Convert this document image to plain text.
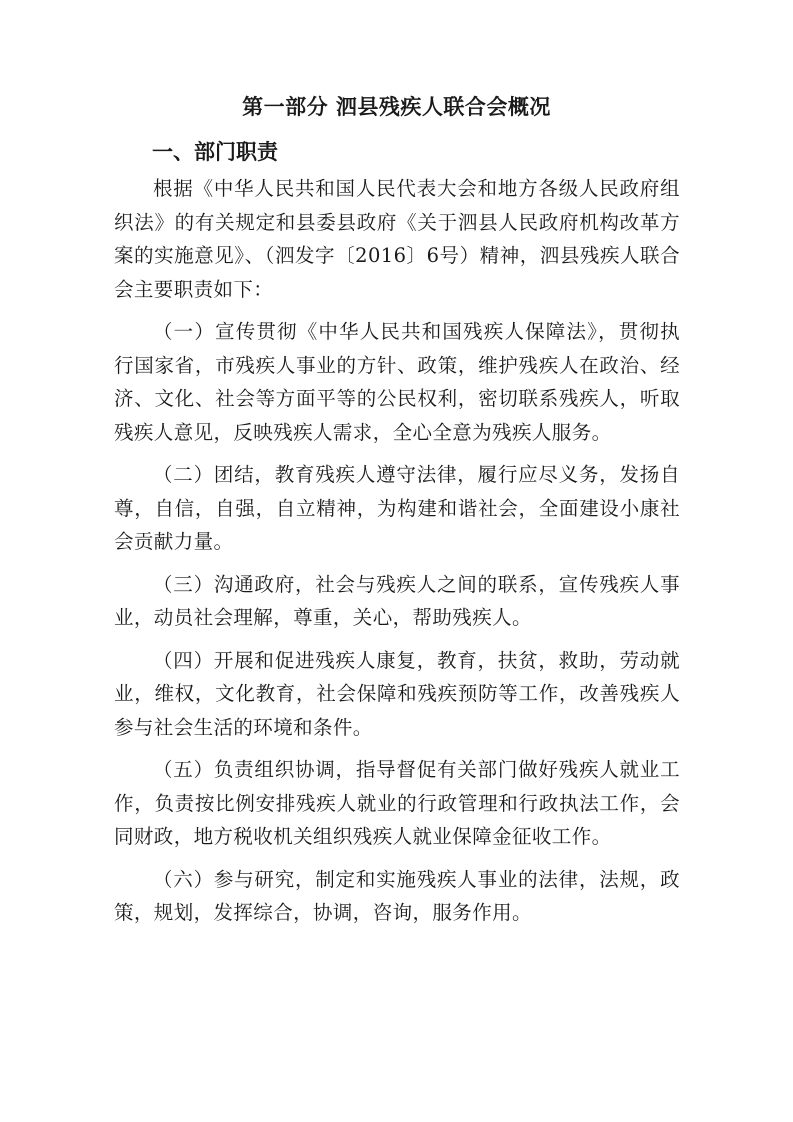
第一部分 泗县残疾人联合会概况
一、部门职责

根据《中华人民共和国人民代表大会和地方各级人民政府组织法》的有关规定和县委县政府《关于泗县人民政府机构改革方案的实施意见》、（泗发字〔2016〕6号）精神，泗县残疾人联合会主要职责如下：

（一）宣传贯彻《中华人民共和国残疾人保障法》，贯彻执行国家省，市残疾人事业的方针、政策，维护残疾人在政治、经济、文化、社会等方面平等的公民权利，密切联系残疾人，听取残疾人意见，反映残疾人需求，全心全意为残疾人服务。

（二）团结，教育残疾人遵守法律，履行应尽义务，发扬自尊，自信，自强，自立精神，为构建和谐社会，全面建设小康社会贡献力量。

（三）沟通政府，社会与残疾人之间的联系，宣传残疾人事业，动员社会理解，尊重，关心，帮助残疾人。

（四）开展和促进残疾人康复，教育，扶贫，救助，劳动就业，维权，文化教育，社会保障和残疾预防等工作，改善残疾人参与社会生活的环境和条件。

（五）负责组织协调，指导督促有关部门做好残疾人就业工作，负责按比例安排残疾人就业的行政管理和行政执法工作，会同财政，地方税收机关组织残疾人就业保障金征收工作。

（六）参与研究，制定和实施残疾人事业的法律，法规，政策，规划，发挥综合，协调，咨询，服务作用。
